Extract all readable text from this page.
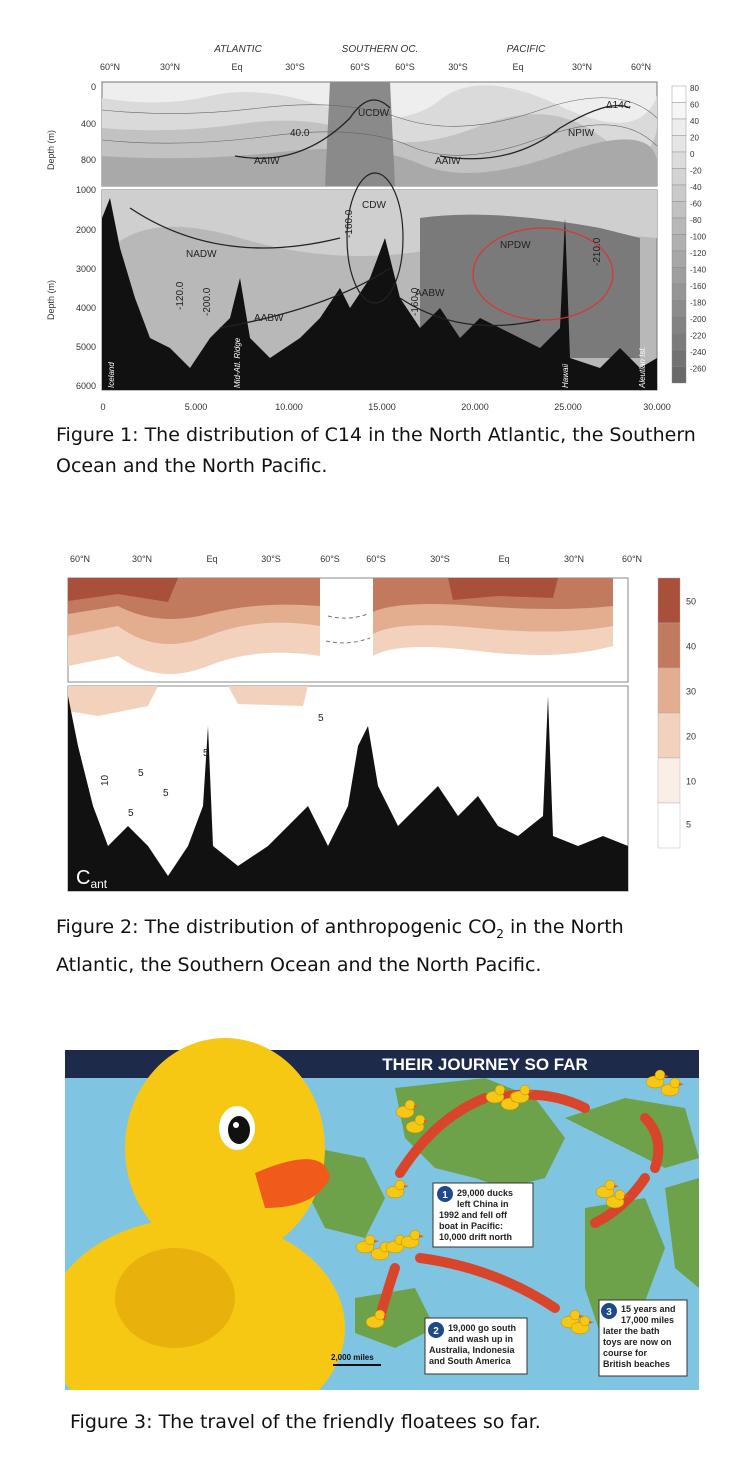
ATLANTIC	SOUTHERN OC.	PACIFIC
60°N	30°N	Eq	30°S	60°S	60°S	30°S	Eq	30°N	60°N
Depth (m)
Depth (m)
0
400
800
1000
2000
3000
4000
5000
6000
UCDW
AAIW	AAIW
NPIW
CDW
NADW
NPDW
AABW
AABW
40.0
-160.0
-120.0 -200.0	-160.0
-210.0
Δ14C
Iceland	Mid-Atl. Ridge	Hawaii	Aleutian Isl.
0	5.000	10.000	15.000	20.000	25.000	30.000
80
60
40
20
0
-20
-40
-60
-80
-100
-120
-140
-160
-180
-200
-220
-240
-260
Figure 1: The distribution of C14 in the North Atlantic, the Southern
Ocean and the North Pacific.
60°N	30°N	Eq	30°S	60°S	60°S	30°S	Eq	30°N	60°N
$C_{ant}$
5
5
5
10
5
5
50
40
30
20
10
5
Figure 2: The distribution of anthropogenic $CO_2$ in the North
Atlantic, the Southern Ocean and the North Pacific.
THEIR JOURNEY SO FAR
1 29,000 ducks
left China in
1992 and fell off
boat in Pacific:
10,000 drift north
2 19,000 go south
and wash up in
Australia, Indonesia
and South America
3 15 years and
17,000 miles
later the bath
toys are now on
course for
British beaches
2,000 miles
Figure 3: The travel of the friendly floatees so far.
